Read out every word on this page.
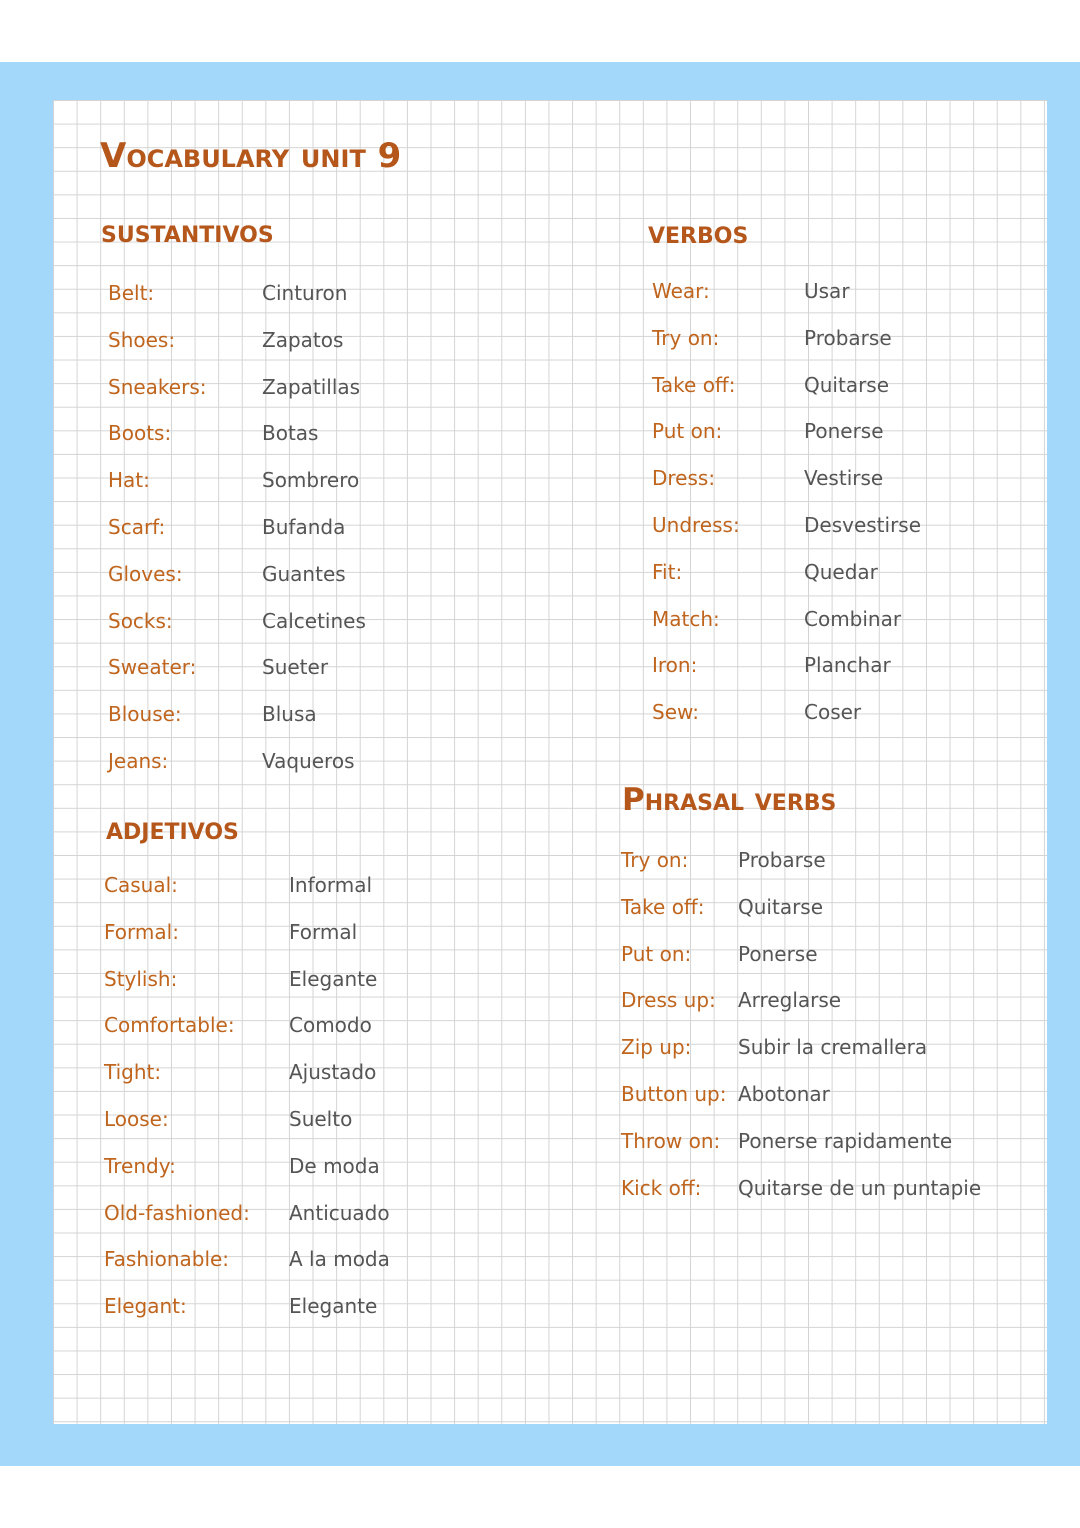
Vocabulary unit 9
sustantivos
Belt:	Cinturon
Shoes:	Zapatos
Sneakers:	Zapatillas
Boots:	Botas
Hat:	Sombrero
Scarf:	Bufanda
Gloves:	Guantes
Socks:	Calcetines
Sweater:	Sueter
Blouse:	Blusa
Jeans:	Vaqueros
verbos
Wear:	Usar
Try on:	Probarse
Take off:	Quitarse
Put on:	Ponerse
Dress:	Vestirse
Undress:	Desvestirse
Fit:	Quedar
Match:	Combinar
Iron:	Planchar
Sew:	Coser
adjetivos
Casual:	Informal
Formal:	Formal
Stylish:	Elegante
Comfortable:	Comodo
Tight:	Ajustado
Loose:	Suelto
Trendy:	De moda
Old-fashioned: Anticuado
Fashionable:	A la moda
Elegant:	Elegante
Phrasal verbs
Try on: Probarse
Take off: Quitarse
Put on: Ponerse
Dress up: Arreglarse
Zip up: Subir la cremallera
Button up: Abotonar
Throw on: Ponerse rapidamente
Kick off: Quitarse de un puntapie
